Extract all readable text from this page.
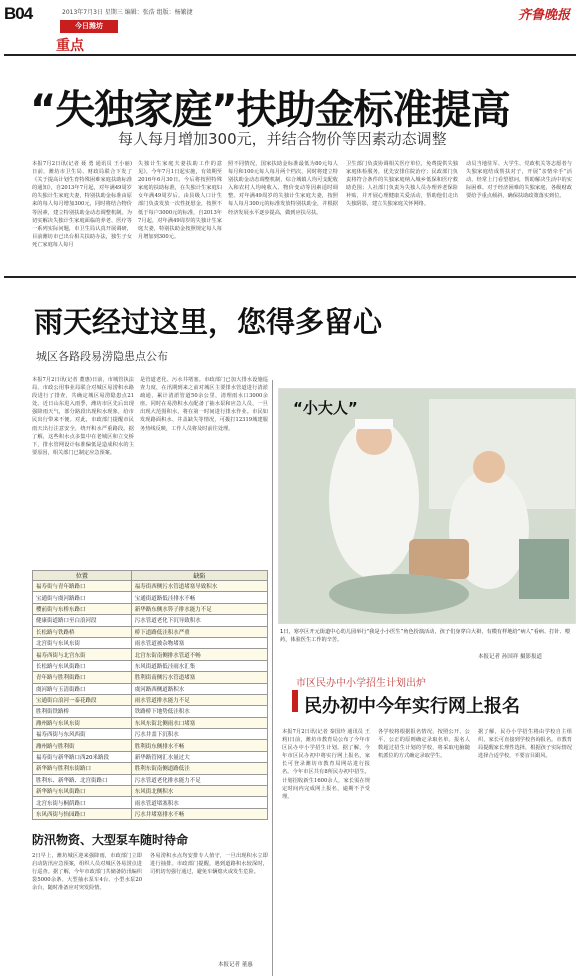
B04	2013年7月3日 星期三 编辑：张浩 组版：杨繁捷
今日潍坊
重点
齐鲁晚报
“失独家庭”扶助金标准提高
每人每月增加300元，并结合物价等因素动态调整
本报7月2日讯(记者 聂 勇 通讯员 王小丽) 日前，潍坊市卫生局、财政局联合下发了《关于提高计划生育特殊困难家庭扶助标准的通知》，自2013年7月起，对年满49周岁的失独计生家庭夫妻，特别扶助金标准由原来的每人每月增加300元，同时将结合物价等因素，建立特别扶助金动态调整机制。为切实解决失独计生家庭面临的养老、医疗等一系列实际问题，市卫生局认真开展调研，目前潍坊市已出台相关扶助办法，独生子女死亡家庭每人每月
失独计生家庭夫妻扶助工作的意见》，今年7月1日起实施，有效期至2016年6月30日。今后将按照特殊家庭的扶助标准，在失独计生家庭妇女年满49周岁后，由县级人口计生部门负责发放一次性抚慰金，按照不低于每户3000元的标准，自2013年7月起，对年满49周岁的失独计生家庭夫妻，特别扶助金按照规定每人每月增加到300元。
照不同情况，国家扶助金标准最低为80元每人每月和100元每人每月两个档次，同时将建立特别扶助金动态调整机制，综合城镇人均可支配收入和农村人均纯收入、物价变动等因素适时调整。对年满49周岁的失独计生家庭夫妻，按照每人每月300元的标准发放特别扶助金，并根据经济发展水平逐步提高，做到应扶尽扶。
卫生部门负责协调相关医疗单位，免费提供失独家庭体检服务，优先安排住院治疗；民政部门负责将符合条件的失独家庭纳入城乡低保和医疗救助范围；人社部门负责为失独人员办理养老保险补贴，并开展心理健康关爱活动，帮助他们走出失独阴影，建立失独家庭关怀网络。
动员当地驻军、大学生、党政机关等志愿者与失独家庭结成帮扶对子，开展“亲情牵手”活动，经常上门看望慰问，帮助解决生活中的实际困难。对于经济困难的失独家庭，各级财政要给予重点倾斜，确保扶助政策落实到位。
雨天经过这里，您得多留心
城区各路段易涝隐患点公布
本报7月2日讯(记者 董惠)日前，市城管执法局、市政公用事业局联合对城区易涝积水路段进行了排查，共确定城区易涝隐患点21处。近日山东进入雨季，潍坊市区先后出现强降雨天气，部分路段出现积水现象，给市民出行带来不便。对此，市政部门提醒市民雨天出行注意安全，绕开积水严重路段。据了解，这些积水点多集中在老城区和立交桥下，排水管网设计标准偏低是造成积水的主要原因，相关部门已制定应急预案。
是管道老化、污水井堵塞。市政部门已加大排水设施巡查力度，在汛期到来之前对城区主要排水管道进行清淤疏通，累计清淤管道50余公里，清理雨水口3000余座。同时在易涝积水点配备了抽水泵和应急人员，一旦出现大范围积水，将在第一时间进行排水作业。市民如发现路面积水、井盖缺失等情况，可拨打12319城建服务热线反映，工作人员将及时前往处理。
位置	缺陷
福寿街与青年路路口	福寿街西侧污水管道堵塞导致积水
宝通街与虞河路路口	宝通街道路低洼排水不畅
樱前街与东桥东路口	新华路东侧水箅子排水能力不足
健康街道路口至白浪河段	污水管道老化下沉导致积水
长松路与铁路桥	桥下道路低洼积水严重
北宫街与东风东街	雨水管道被杂物堵塞
福寿西街与北宫东街	北宫东街南侧排水管道不畅
长松路与东风街路口	东风街道路低洼雨水汇集
青年路与胜利街路口	胜利街南侧污水管道堵塞
虞河路与玉清街路口	虞河路西侧道路积水
宝通街白浪河一泰花路段	雨水管道排水能力不足
胜利街铁路桥	铁路桥下地势低洼积水
潍州路与东风东街	东风东街北侧雨水口堵塞
福寿西街与东风西街	污水井盖下沉积水
潍州路与胜利街	胜利街东侧排水不畅
福寿街与新华路口西20米路段	新华路管网汇水量过大
新华路与胜利东街路口	胜利东街南侧道路低洼
胜利东、新华路、北宫街路口	污水管道老化排水能力不足
新华路与东风街路口	东风街北侧积水
北宫东街与桐荫路口	雨水管道堵塞积水
东风西街与怡园路口	污水井堵塞排水不畅
防汛物资、大型泵车随时待命
2日早上，潍坊城区迎来强降雨，市政部门立即启动防汛应急预案，组织人员对城区各易涝点进行巡查。据了解，今年市政部门共储备防汛编织袋5000余条、大型抽水泵车4台、小型水泵20余台，随时准备应对突发险情。
各易涝积水点均安排专人值守，一旦出现积水立即进行抽排。市政部门提醒，遇到道路积水较深时，司机切勿强行通过，避免车辆熄火或发生危险。
本报记者 董惠
“小大人”
1日，寒亭区开元街道中心幼儿园举行“我是小小医生”角色扮演活动，孩子们身穿白大褂，有模有样地给“病人”看病、打针、喂药，体验医生工作的辛苦。
本报记者 孙国祥 摄影报道
市区民办中小学招生计划出炉
民办初中今年实行网上报名
本报7月2日讯(记者 秦国玲 通讯员 王莉)日前，潍坊市教育局公布了今年市区民办中小学招生计划。据了解，今年市区民办初中将实行网上报名，家长可登录潍坊市教育局网站进行报名。今年市区共有8所民办初中招生，计划招收新生1600余人，家长需在规定时间内完成网上报名，逾期不予受理。
各学校将根据报名情况，按照公开、公平、公正的原则确定录取名单。报名人数超过招生计划的学校，将采取电脑随机派位的方式确定录取学生。
据了解，民办小学招生将由学校自主组织，家长可直接到学校咨询报名。市教育局提醒家长理性选择，根据孩子实际情况选择合适学校，不要盲目跟风。
